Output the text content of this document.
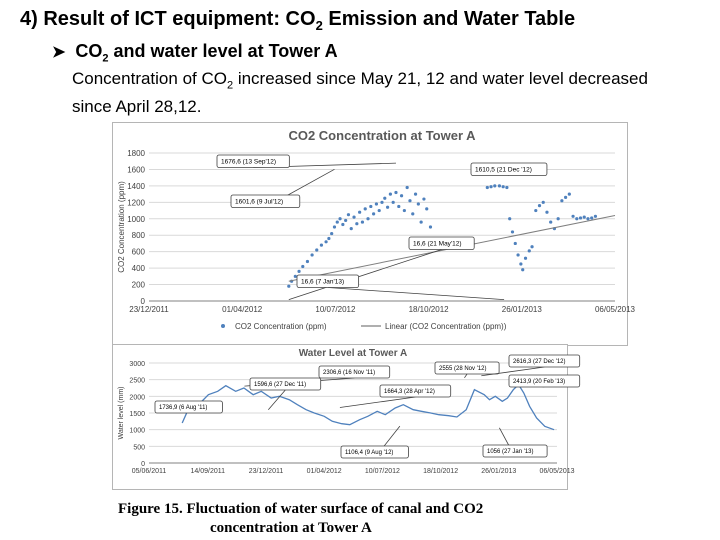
4) Result of ICT equipment: $CO_2$ Emission and Water Table
➤ $CO_2$ and water level at Tower A
Concentration of $CO_2$ increased since May 21, 12 and water level decreased since April 28,12.
CO2 Concentration at Tower A
0
200
400
600
800
1000
1200
1400
1600
1800
23/12/2011	01/04/2012	10/07/2012	18/10/2012	26/01/2013	06/05/2013
CO2 Concentration (ppm)
1676,6 (13 Sep'12)
1610,5 (21 Dec '12)
1601,6 (9 Jul'12)
16,6 (21 May'12)
16,6 (7 Jan'13)
CO2 Concentration (ppm)	Linear (CO2 Concentration (ppm))
Water Level at Tower A
0
500
1000
1500
2000
2500
3000
05/06/2011	14/09/2011	23/12/2011	01/04/2012	10/07/2012	18/10/2012	26/01/2013	06/05/2013
Water level (mm)
2306,6 (16 Nov '11)
1596,6 (27 Dec '11)
1736,9 (6 Aug '11)
2555 (28 Nov '12)
2616,3 (27 Dec '12)
2413,9 (20 Feb '13)
1664,3 (28 Apr '12)
1106,4 (9 Aug '12)	1056 (27 Jan '13)
Figure 15. Fluctuation of water surface of canal and CO2
concentration at Tower A
